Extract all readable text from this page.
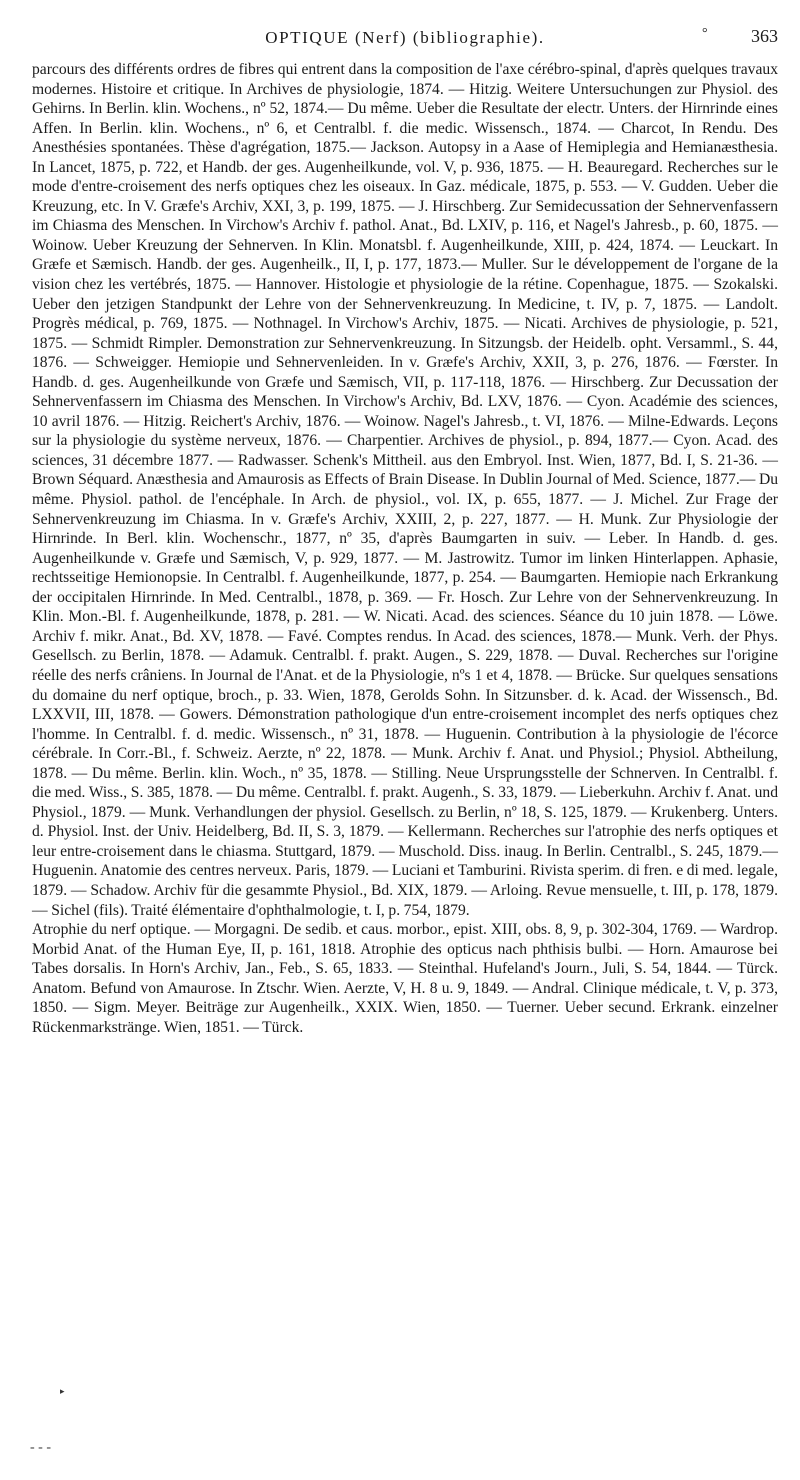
OPTIQUE (Nerf) (bibliographie).	° 363

parcours des différents ordres de fibres qui entrent dans la composition de l'axe cérébro-spinal, d'après quelques travaux modernes. Histoire et critique. In Archives de physiologie, 1874. — Hitzig. Weitere Untersuchungen zur Physiol. des Gehirns. In Berlin. klin. Wochens., nº 52, 1874.— Du même. Ueber die Resultate der electr. Unters. der Hirnrinde eines Affen. In Berlin. klin. Wochens., nº 6, et Centralbl. f. die medic. Wissensch., 1874. — Charcot, In Rendu. Des Anesthésies spontanées. Thèse d'agrégation, 1875.— Jackson. Autopsy in a Aase of Hemiplegia and Hemianæsthesia. In Lancet, 1875, p. 722, et Handb. der ges. Augenheilkunde, vol. V, p. 936, 1875. — H. Beauregard. Recherches sur le mode d'entre-croisement des nerfs optiques chez les oiseaux. In Gaz. médicale, 1875, p. 553. — V. Gudden. Ueber die Kreuzung, etc. In V. Græfe's Archiv, XXI, 3, p. 199, 1875. — J. Hirschberg. Zur Semidecussation der Sehnervenfassern im Chiasma des Menschen. In Virchow's Archiv f. pathol. Anat., Bd. LXIV, p. 116, et Nagel's Jahresb., p. 60, 1875. — Woinow. Ueber Kreuzung der Sehnerven. In Klin. Monatsbl. f. Augenheilkunde, XIII, p. 424, 1874. — Leuckart. In Græfe et Sæmisch. Handb. der ges. Augenheilk., II, I, p. 177, 1873.— Muller. Sur le développement de l'organe de la vision chez les vertébrés, 1875. — Hannover. Histologie et physiologie de la rétine. Copenhague, 1875. — Szokalski. Ueber den jetzigen Standpunkt der Lehre von der Sehnervenkreuzung. In Medicine, t. IV, p. 7, 1875. — Landolt. Progrès médical, p. 769, 1875. — Nothnagel. In Virchow's Archiv, 1875. — Nicati. Archives de physiologie, p. 521, 1875. — Schmidt Rimpler. Demonstration zur Sehnervenkreuzung. In Sitzungsb. der Heidelb. opht. Versamml., S. 44, 1876. — Schweigger. Hemiopie und Sehnervenleiden. In v. Græfe's Archiv, XXII, 3, p. 276, 1876. — Fœrster. In Handb. d. ges. Augenheilkunde von Græfe und Sæmisch, VII, p. 117-118, 1876. — Hirschberg. Zur Decussation der Sehnervenfassern im Chiasma des Menschen. In Virchow's Archiv, Bd. LXV, 1876. — Cyon. Académie des sciences, 10 avril 1876. — Hitzig. Reichert's Archiv, 1876. — Woinow. Nagel's Jahresb., t. VI, 1876. — Milne-Edwards. Leçons sur la physiologie du système nerveux, 1876. — Charpentier. Archives de physiol., p. 894, 1877.— Cyon. Acad. des sciences, 31 décembre 1877. — Radwasser. Schenk's Mittheil. aus den Embryol. Inst. Wien, 1877, Bd. I, S. 21-36. — Brown Séquard. Anæsthesia and Amaurosis as Effects of Brain Disease. In Dublin Journal of Med. Science, 1877.— Du même. Physiol. pathol. de l'encéphale. In Arch. de physiol., vol. IX, p. 655, 1877. — J. Michel. Zur Frage der Sehnervenkreuzung im Chiasma. In v. Græfe's Archiv, XXIII, 2, p. 227, 1877. — H. Munk. Zur Physiologie der Hirnrinde. In Berl. klin. Wochenschr., 1877, nº 35, d'après Baumgarten in suiv. — Leber. In Handb. d. ges. Augenheilkunde v. Græfe und Sæmisch, V, p. 929, 1877. — M. Jastrowitz. Tumor im linken Hinterlappen. Aphasie, rechtsseitige Hemionopsie. In Centralbl. f. Augenheilkunde, 1877, p. 254. — Baumgarten. Hemiopie nach Erkrankung der occipitalen Hirnrinde. In Med. Centralbl., 1878, p. 369. — Fr. Hosch. Zur Lehre von der Sehnervenkreuzung. In Klin. Mon.-Bl. f. Augenheilkunde, 1878, p. 281. — W. Nicati. Acad. des sciences. Séance du 10 juin 1878. — Löwe. Archiv f. mikr. Anat., Bd. XV, 1878. — Favé. Comptes rendus. In Acad. des sciences, 1878.— Munk. Verh. der Phys. Gesellsch. zu Berlin, 1878. — Adamuk. Centralbl. f. prakt. Augen., S. 229, 1878. — Duval. Recherches sur l'origine réelle des nerfs crâniens. In Journal de l'Anat. et de la Physiologie, nºs 1 et 4, 1878. — Brücke. Sur quelques sensations du domaine du nerf optique, broch., p. 33. Wien, 1878, Gerolds Sohn. In Sitzunsber. d. k. Acad. der Wissensch., Bd. LXXVII, III, 1878. — Gowers. Démonstration pathologique d'un entre-croisement incomplet des nerfs optiques chez l'homme. In Centralbl. f. d. medic. Wissensch., nº 31, 1878. — Huguenin. Contribution à la physiologie de l'écorce cérébrale. In Corr.-Bl., f. Schweiz. Aerzte, nº 22, 1878. — Munk. Archiv f. Anat. und Physiol.; Physiol. Abtheilung, 1878. — Du même. Berlin. klin. Woch., nº 35, 1878. — Stilling. Neue Ursprungsstelle der Schnerven. In Centralbl. f. die med. Wiss., S. 385, 1878. — Du même. Centralbl. f. prakt. Augenh., S. 33, 1879. — Lieberkuhn. Archiv f. Anat. und Physiol., 1879. — Munk. Verhandlungen der physiol. Gesellsch. zu Berlin, nº 18, S. 125, 1879. — Krukenberg. Unters. d. Physiol. Inst. der Univ. Heidelberg, Bd. II, S. 3, 1879. — Kellermann. Recherches sur l'atrophie des nerfs optiques et leur entre-croisement dans le chiasma. Stuttgard, 1879. — Muschold. Diss. inaug. In Berlin. Centralbl., S. 245, 1879.— Huguenin. Anatomie des centres nerveux. Paris, 1879. — Luciani et Tamburini. Rivista sperim. di fren. e di med. legale, 1879. — Schadow. Archiv für die gesammte Physiol., Bd. XIX, 1879. — Arloing. Revue mensuelle, t. III, p. 178, 1879. — Sichel (fils). Traité élémentaire d'ophthalmologie, t. I, p. 754, 1879.

Atrophie du nerf optique. — Morgagni. De sedib. et caus. morbor., epist. XIII, obs. 8, 9, p. 302-304, 1769. — Wardrop. Morbid Anat. of the Human Eye, II, p. 161, 1818. Atrophie des opticus nach phthisis bulbi. — Horn. Amaurose bei Tabes dorsalis. In Horn's Archiv, Jan., Feb., S. 65, 1833. — Steinthal. Hufeland's Journ., Juli, S. 54, 1844. — Türck. Anatom. Befund von Amaurose. In Ztschr. Wien. Aerzte, V, H. 8 u. 9, 1849. — Andral. Clinique médicale, t. V, p. 373, 1850. — Sigm. Meyer. Beiträge zur Augenheilk., XXIX. Wien, 1850. — Tuerner. Ueber secund. Erkrank. einzelner Rückenmarkstränge. Wien, 1851. — Türck.

▸
- - -
